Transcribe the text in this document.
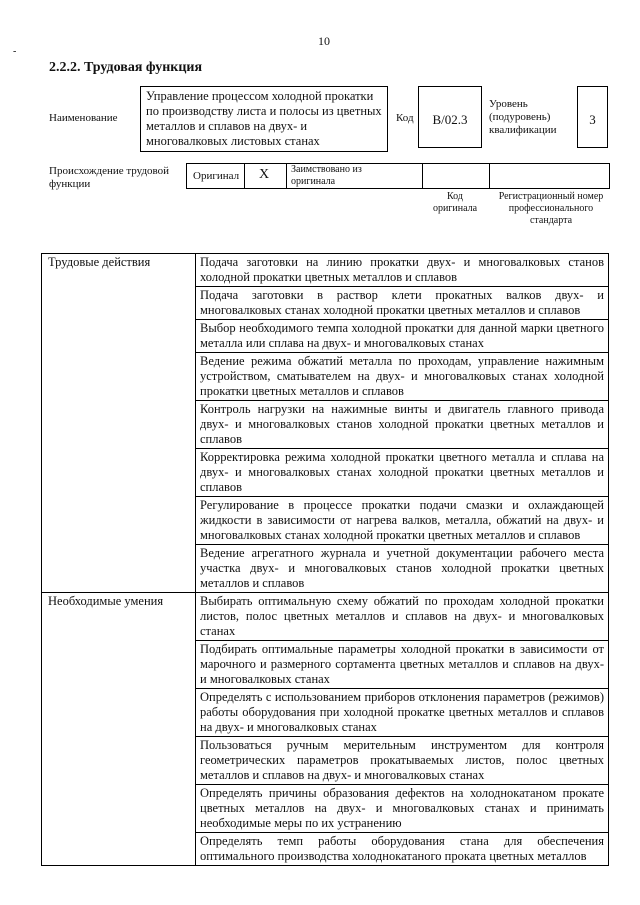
10
-
2.2.2. Трудовая функция
Наименование
Управление процессом холодной прокатки по производству листа и полосы из цветных металлов и сплавов на двух- и многовалковых листовых станах
Код	B/02.3
Уровень (подуровень) квалификации
3
Происхождение трудовой функции
Оригинал X Заимствовано из оригинала
Код оригинала
Регистрационный номер профессионального стандарта
Трудовые действия	Подача заготовки на линию прокатки двух- и многовалковых станов холодной прокатки цветных металлов и сплавов
	Подача заготовки в раствор клети прокатных валков двух- и многовалковых станах холодной прокатки цветных металлов и сплавов
	Выбор необходимого темпа холодной прокатки для данной марки цветного металла или сплава на двух- и многовалковых станах
	Ведение режима обжатий металла по проходам, управление нажимным устройством, сматывателем на двух- и многовалковых станах холодной прокатки цветных металлов и сплавов
	Контроль нагрузки на нажимные винты и двигатель главного привода двух- и многовалковых станов холодной прокатки цветных металлов и сплавов
	Корректировка режима холодной прокатки цветного металла и сплава на двух- и многовалковых станах холодной прокатки цветных металлов и сплавов
	Регулирование в процессе прокатки подачи смазки и охлаждающей жидкости в зависимости от нагрева валков, металла, обжатий на двух- и многовалковых станах холодной прокатки цветных металлов и сплавов
	Ведение агрегатного журнала и учетной документации рабочего места участка двух- и многовалковых станов холодной прокатки цветных металлов и сплавов
Необходимые умения	Выбирать оптимальную схему обжатий по проходам холодной прокатки листов, полос цветных металлов и сплавов на двух- и многовалковых станах
	Подбирать оптимальные параметры холодной прокатки в зависимости от марочного и размерного сортамента цветных металлов и сплавов на двух- и многовалковых станах
	Определять с использованием приборов отклонения параметров (режимов) работы оборудования при холодной прокатке цветных металлов и сплавов на двух- и многовалковых станах
	Пользоваться ручным мерительным инструментом для контроля геометрических параметров прокатываемых листов, полос цветных металлов и сплавов на двух- и многовалковых станах
	Определять причины образования дефектов на холоднокатаном прокате цветных металлов на двух- и многовалковых станах и принимать необходимые меры по их устранению
	Определять темп работы оборудования стана для обеспечения оптимального производства холоднокатаного проката цветных металлов
